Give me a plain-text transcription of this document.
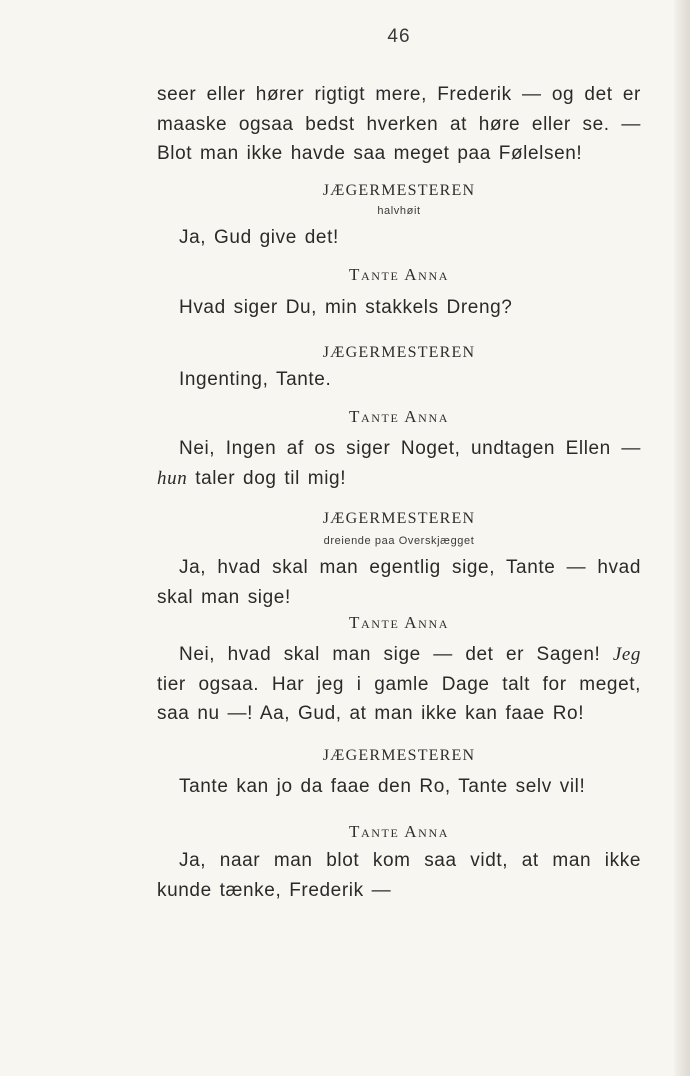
46
seer eller hører rigtigt mere, Frederik — og det er
maaske ogsaa bedst hverken at høre eller se. —
Blot man ikke havde saa meget paa Følelsen!
JÆGERMESTEREN
halvhøit
Ja, Gud give det!
Tante Anna
Hvad siger Du, min stakkels Dreng?
JÆGERMESTEREN
Ingenting, Tante.
Tante Anna
Nei, Ingen af os siger Noget, undtagen Ellen —
hun taler dog til mig!
JÆGERMESTEREN
dreiende paa Overskjægget
Ja, hvad skal man egentlig sige, Tante — hvad
skal man sige!
Tante Anna
Nei, hvad skal man sige — det er Sagen! Jeg
tier ogsaa. Har jeg i gamle Dage talt for meget,
saa nu —! Aa, Gud, at man ikke kan faae Ro!
JÆGERMESTEREN
Tante kan jo da faae den Ro, Tante selv vil!
Tante Anna
Ja, naar man blot kom saa vidt, at man ikke
kunde tænke, Frederik —
